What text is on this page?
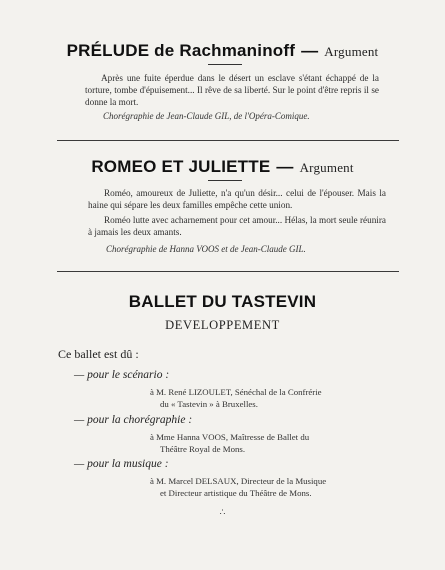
PRÉLUDE de Rachmaninoff — Argument
Après une fuite éperdue dans le désert un esclave s'étant échappé de la torture, tombe d'épuisement... Il rêve de sa liberté. Sur le point d'être repris il se donne la mort.
Chorégraphie de Jean-Claude GIL, de l'Opéra-Comique.
ROMEO ET JULIETTE — Argument
Roméo, amoureux de Juliette, n'a qu'un désir... celui de l'épouser. Mais la haine qui sépare les deux familles empêche cette union.
Roméo lutte avec acharnement pour cet amour... Hélas, la mort seule réunira à jamais les deux amants.
Chorégraphie de Hanna VOOS et de Jean-Claude GIL.
BALLET DU TASTEVIN
DEVELOPPEMENT
Ce ballet est dû :
— pour le scénario :
à M. René LIZOULET, Sénéchal de la Confrérie
du « Tastevin » à Bruxelles.
— pour la chorégraphie :
à Mme Hanna VOOS, Maîtresse de Ballet du
Théâtre Royal de Mons.
— pour la musique :
à M. Marcel DELSAUX, Directeur de la Musique
et Directeur artistique du Théâtre de Mons.
∴
